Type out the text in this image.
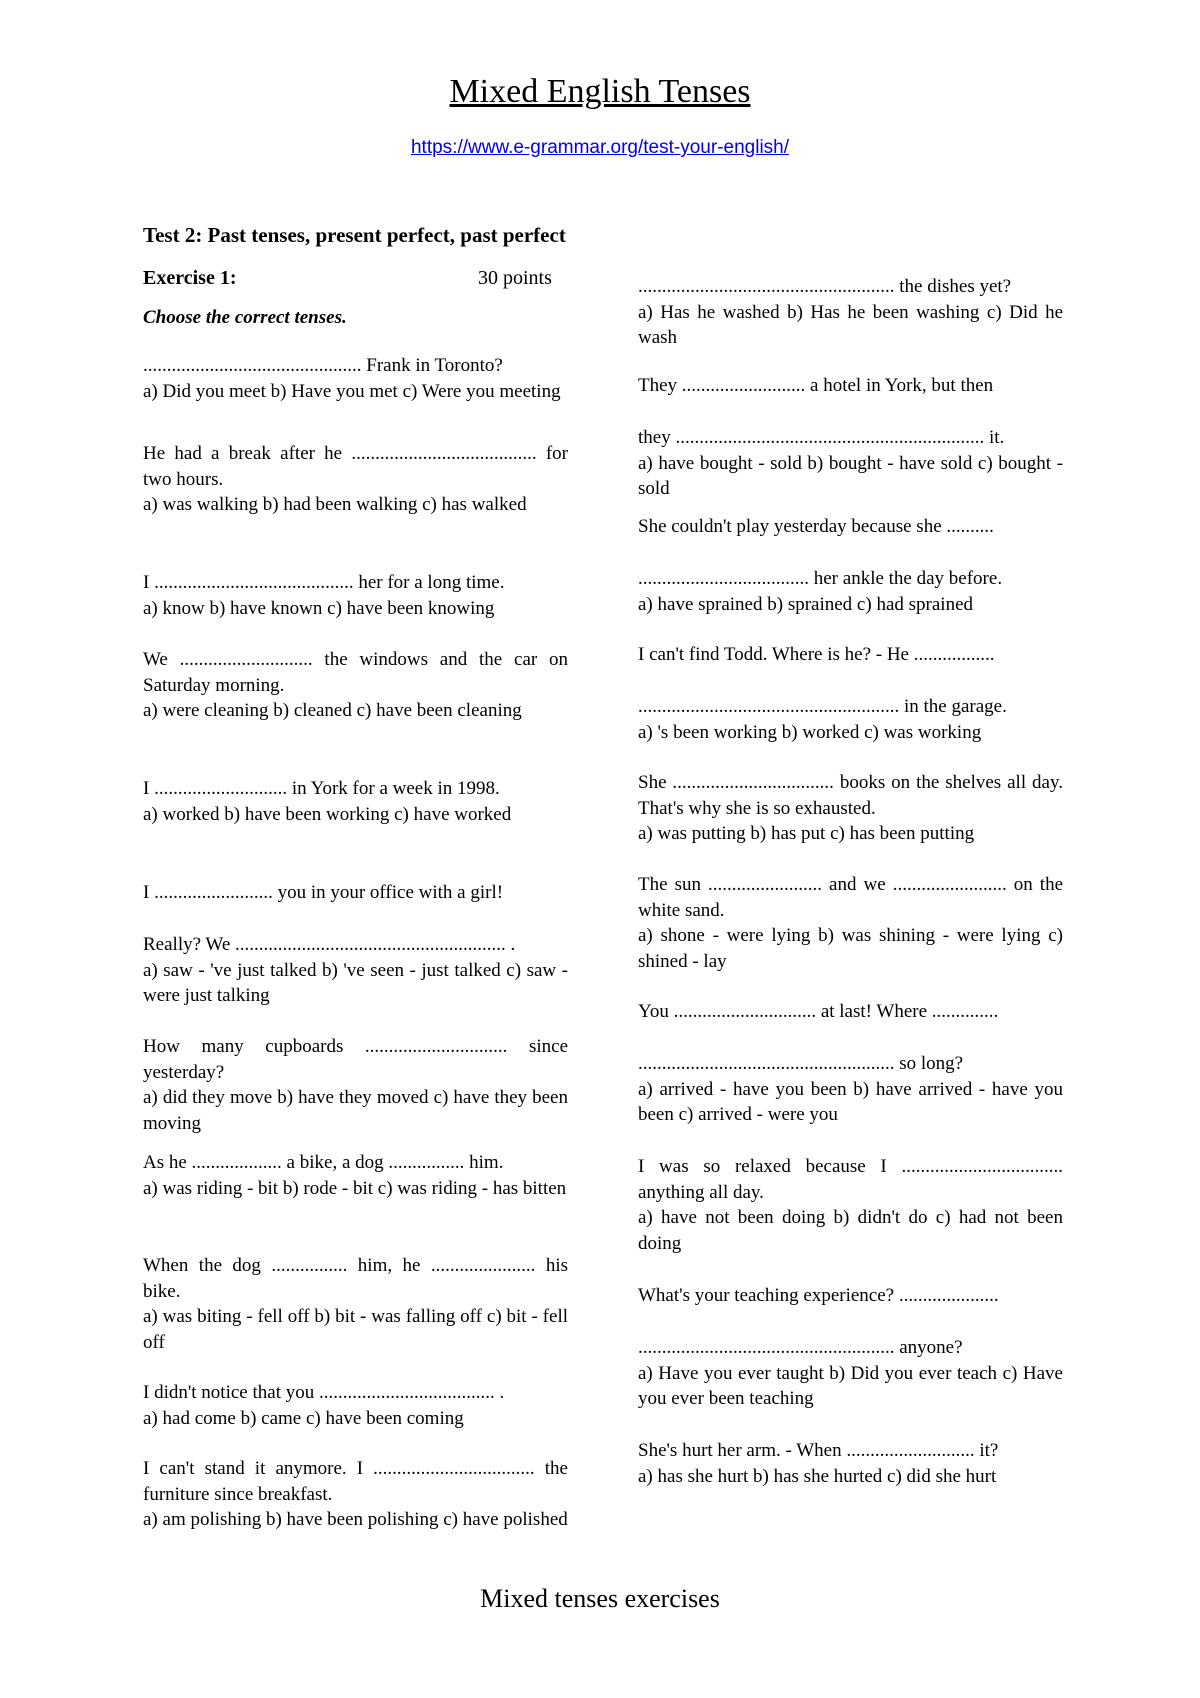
Mixed English Tenses
https://www.e-grammar.org/test-your-english/
Test 2: Past tenses, present perfect, past perfect
Exercise 1:	30 points
Choose the correct tenses.

.............................................. Frank in Toronto?

a) Did you meet b) Have you met c) Were you meeting

He had a break after he ....................................... for two hours.

a) was walking b) had been walking c) has walked

I .......................................... her for a long time.

a) know b) have known c) have been knowing

We ............................ the windows and the car on Saturday morning.

a) were cleaning b) cleaned c) have been cleaning

I ............................ in York for a week in 1998.

a) worked b) have been working c) have worked

I ......................... you in your office with a girl!

Really? We ......................................................... .

a) saw - 've just talked b) 've seen - just talked c) saw - were just talking

How many cupboards .............................. since yesterday?

a) did they move b) have they moved c) have they been moving

As he ................... a bike, a dog ................ him.

a) was riding - bit b) rode - bit c) was riding - has bitten

When the dog ................ him, he ...................... his bike.

a) was biting - fell off b) bit - was falling off c) bit - fell off

I didn't notice that you ..................................... .

a) had come b) came c) have been coming

I can't stand it anymore. I .................................. the furniture since breakfast.

a) am polishing b) have been polishing c) have polished

...................................................... the dishes yet?

a) Has he washed b) Has he been washing c) Did he wash

They .......................... a hotel in York, but then

they ................................................................. it.

a) have bought - sold b) bought - have sold c) bought - sold

She couldn't play yesterday because she ..........

.................................... her ankle the day before.

a) have sprained b) sprained c) had sprained

I can't find Todd. Where is he? - He .................

....................................................... in the garage.

a) 's been working b) worked c) was working

She .................................. books on the shelves all day. That's why she is so exhausted.

a) was putting b) has put c) has been putting

The sun ........................ and we ........................ on the white sand.

a) shone - were lying b) was shining - were lying c) shined - lay

You .............................. at last! Where ..............

...................................................... so long?

a) arrived - have you been b) have arrived - have you been c) arrived - were you

I was so relaxed because I .................................. anything all day.

a) have not been doing b) didn't do c) had not been doing

What's your teaching experience? .....................

...................................................... anyone?

a) Have you ever taught b) Did you ever teach c) Have you ever been teaching

She's hurt her arm. - When ........................... it?

a) has she hurt b) has she hurted c) did she hurt

Mixed tenses exercises
